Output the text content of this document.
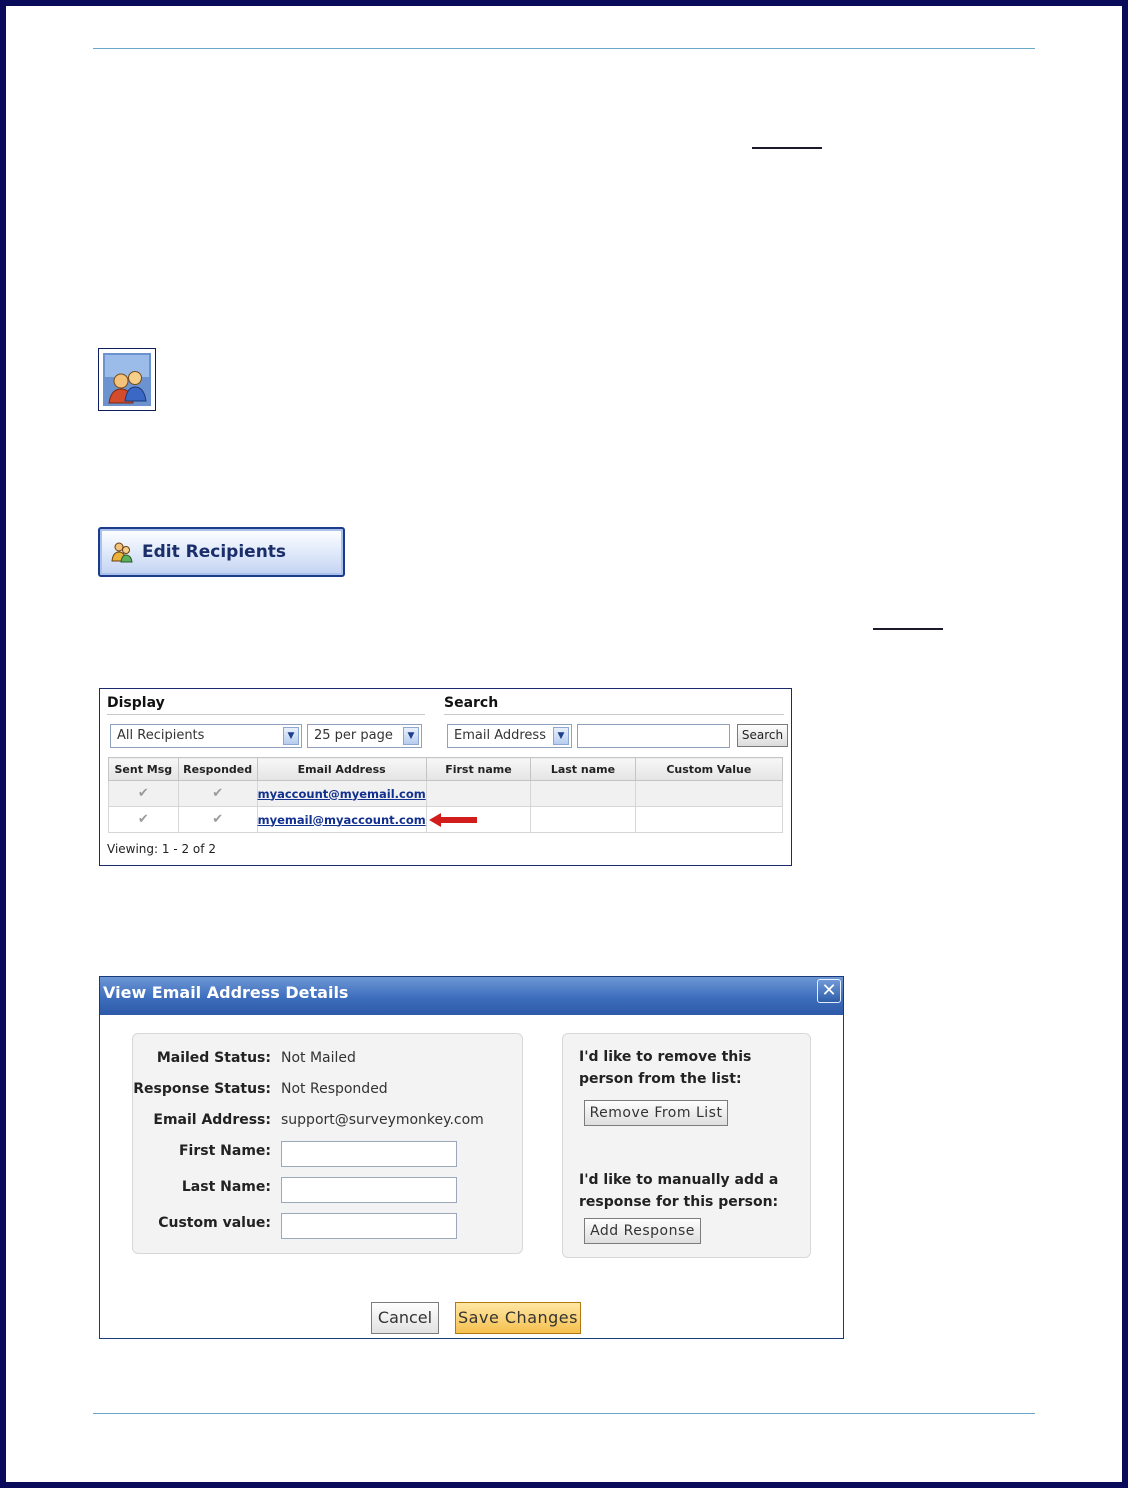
Edit Recipients
Display	Search
All Recipients	▼	25 per page	▼	Email Address	▼	Search
Sent Msg	Responded	Email Address	First name	Last name	Custom Value
✔	✔	myaccount@myemail.com			
✔	✔	myemail@myaccount.com	

Viewing: 1 - 2 of 2
View Email Address Details	✕
Mailed Status: Not Mailed
Response Status: Not Responded
Email Address: support@surveymonkey.com
First Name:
Last Name:
Custom value:
I'd like to remove this person from the list:
Remove From List
I'd like to manually add a response for this person:
Add Response
Cancel	Save Changes
